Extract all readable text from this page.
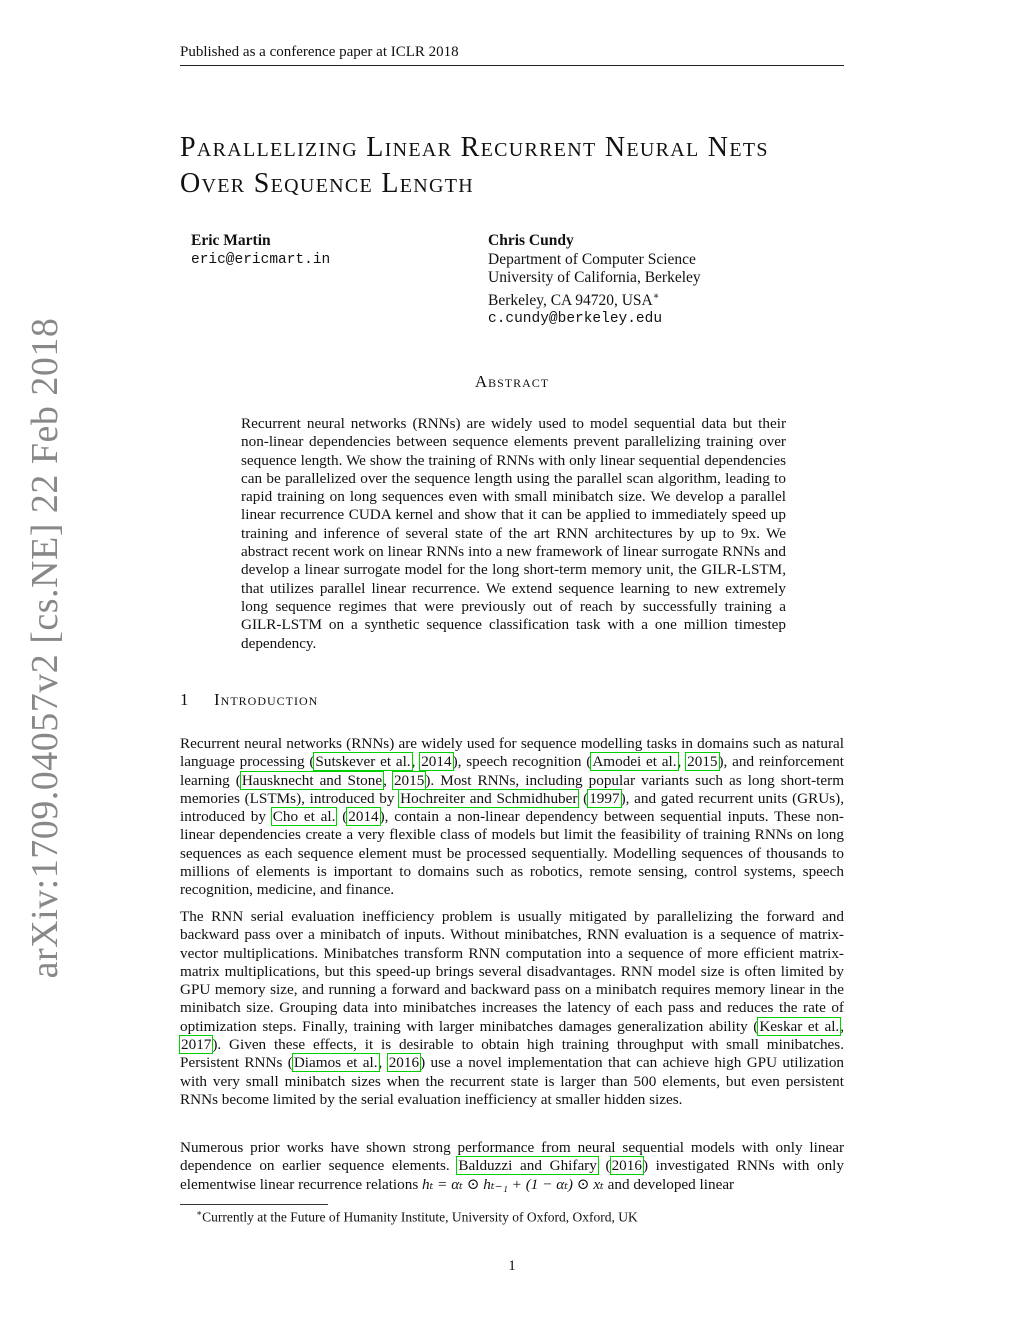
Published as a conference paper at ICLR 2018
Parallelizing Linear Recurrent Neural Nets
Over Sequence Length
Eric Martin
eric@ericmart.in
Chris Cundy
Department of Computer Science
University of California, Berkeley
Berkeley, CA 94720, USA∗
c.cundy@berkeley.edu
arXiv:1709.04057v2 [cs.NE] 22 Feb 2018	Abstract
Recurrent neural networks (RNNs) are widely used to model sequential data but their non-linear dependencies between sequence elements prevent parallelizing training over sequence length. We show the training of RNNs with only linear sequential dependencies can be parallelized over the sequence length using the parallel scan algorithm, leading to rapid training on long sequences even with small minibatch size. We develop a parallel linear recurrence CUDA kernel and show that it can be applied to immediately speed up training and inference of several state of the art RNN architectures by up to 9x. We abstract recent work on linear RNNs into a new framework of linear surrogate RNNs and develop a linear surrogate model for the long short-term memory unit, the GILR-LSTM, that utilizes parallel linear recurrence. We extend sequence learning to new extremely long sequence regimes that were previously out of reach by successfully training a GILR-LSTM on a synthetic sequence classification task with a one million timestep dependency.
1 Introduction
Recurrent neural networks (RNNs) are widely used for sequence modelling tasks in domains such as natural language processing (Sutskever et al., 2014), speech recognition (Amodei et al., 2015), and reinforcement learning (Hausknecht and Stone, 2015). Most RNNs, including popular variants such as long short-term memories (LSTMs), introduced by Hochreiter and Schmidhuber (1997), and gated recurrent units (GRUs), introduced by Cho et al. (2014), contain a non-linear dependency between sequential inputs. These non-linear dependencies create a very flexible class of models but limit the feasibility of training RNNs on long sequences as each sequence element must be processed sequentially. Modelling sequences of thousands to millions of elements is important to domains such as robotics, remote sensing, control systems, speech recognition, medicine, and finance.
The RNN serial evaluation inefficiency problem is usually mitigated by parallelizing the forward and backward pass over a minibatch of inputs. Without minibatches, RNN evaluation is a sequence of matrix-vector multiplications. Minibatches transform RNN computation into a sequence of more efficient matrix-matrix multiplications, but this speed-up brings several disadvantages. RNN model size is often limited by GPU memory size, and running a forward and backward pass on a minibatch requires memory linear in the minibatch size. Grouping data into minibatches increases the latency of each pass and reduces the rate of optimization steps. Finally, training with larger minibatches damages generalization ability (Keskar et al., 2017). Given these effects, it is desirable to obtain high training throughput with small minibatches. Persistent RNNs (Diamos et al., 2016) use a novel implementation that can achieve high GPU utilization with very small minibatch sizes when the recurrent state is larger than 500 elements, but even persistent RNNs become limited by the serial evaluation inefficiency at smaller hidden sizes.
Numerous prior works have shown strong performance from neural sequential models with only linear dependence on earlier sequence elements. Balduzzi and Ghifary (2016) investigated RNNs with only elementwise linear recurrence relations hₜ = αₜ ⊙ hₜ₋₁ + (1 − αₜ) ⊙ xₜ and developed linear
∗Currently at the Future of Humanity Institute, University of Oxford, Oxford, UK
1
